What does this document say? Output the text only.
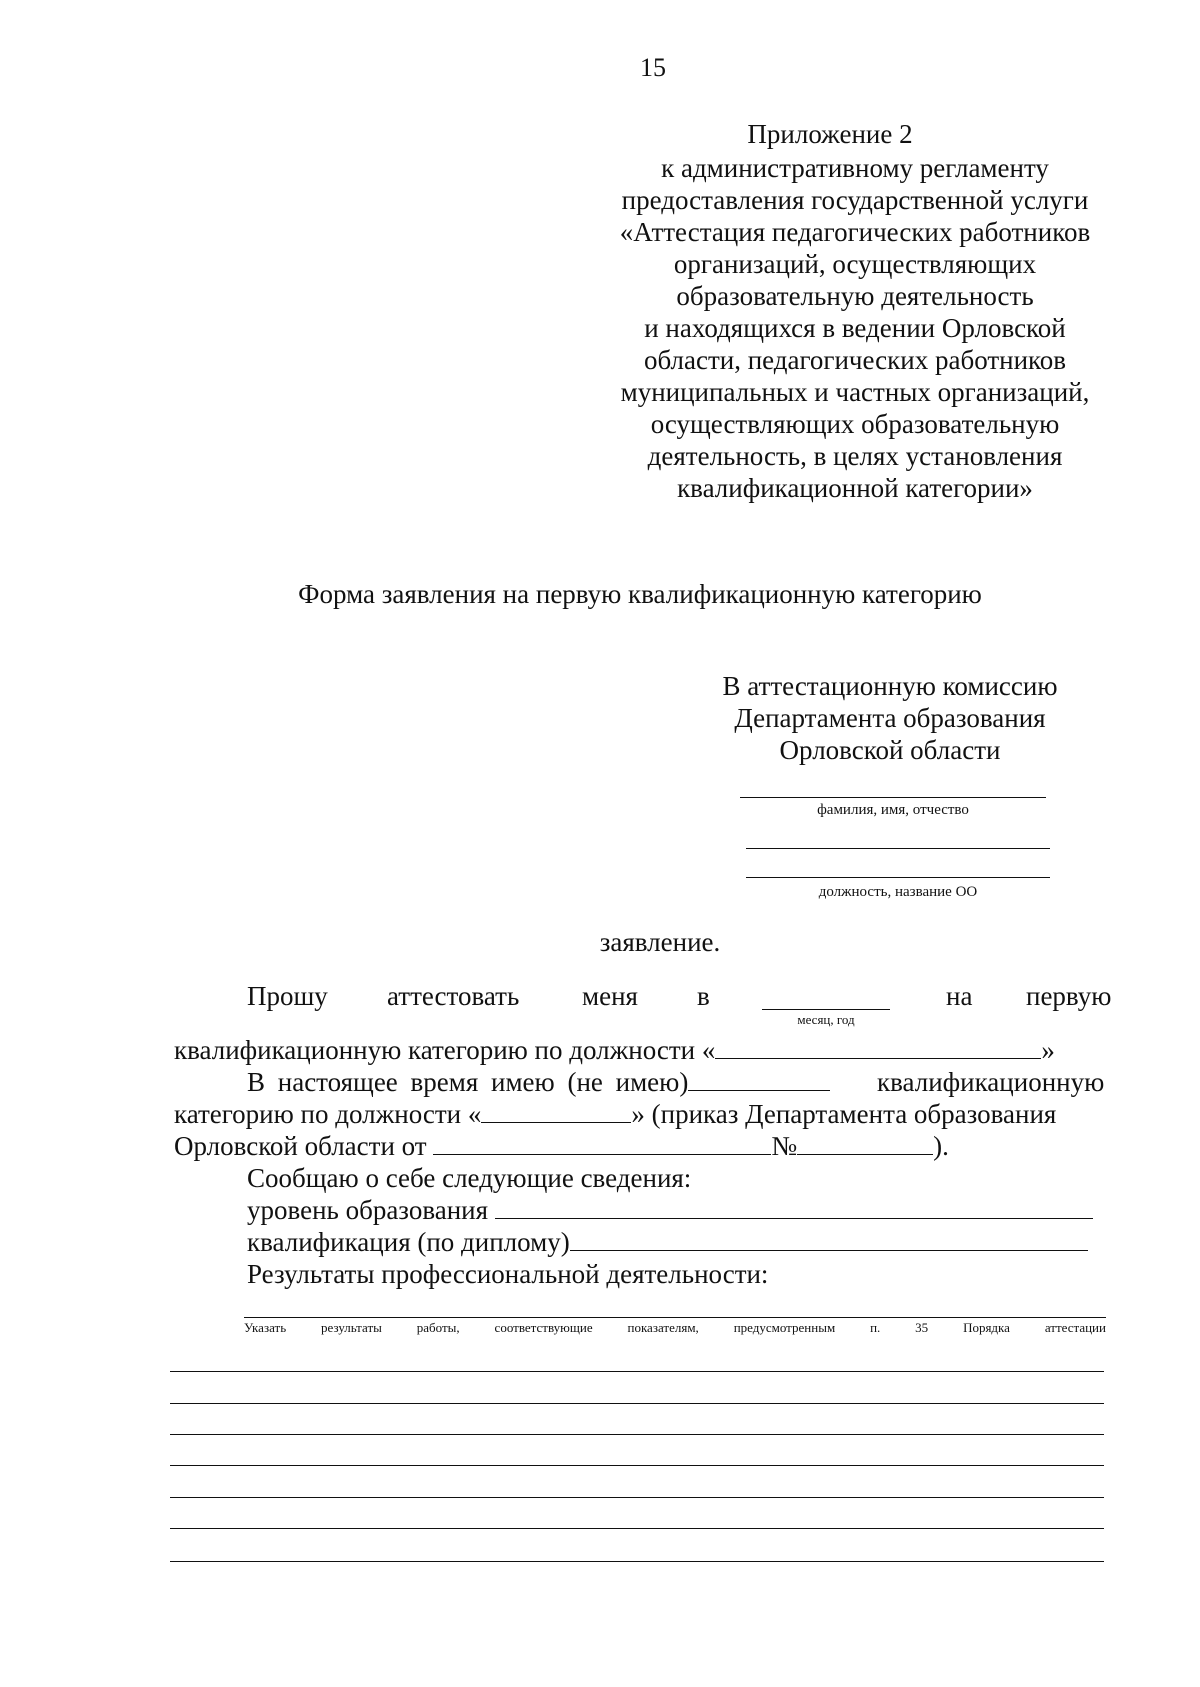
15
Приложение 2
к административному регламенту
предоставления государственной услуги
«Аттестация педагогических работников
организаций, осуществляющих
образовательную деятельность
и находящихся в ведении Орловской
области, педагогических работников
муниципальных и частных организаций,
осуществляющих образовательную
деятельность, в целях установления
квалификационной категории»
Форма заявления на первую квалификационную категорию
В аттестационную комиссию
Департамента образования
Орловской области
фамилия, имя, отчество
должность, название ОО
заявление.
Прошу аттестовать меня в
месяц, год
на первую
квалификационную категорию по должности «	»
В настоящее время имею (не имею)	квалификационную
категорию по должности «	» (приказ Департамента образования
Орловской области от	№	).
Сообщаю о себе следующие сведения:
уровень образования
квалификация (по диплому)
Результаты профессиональной деятельности:
Указать	результаты	работы,	соответствующие	показателям,	предусмотренным	п.	35	Порядка	аттестации
